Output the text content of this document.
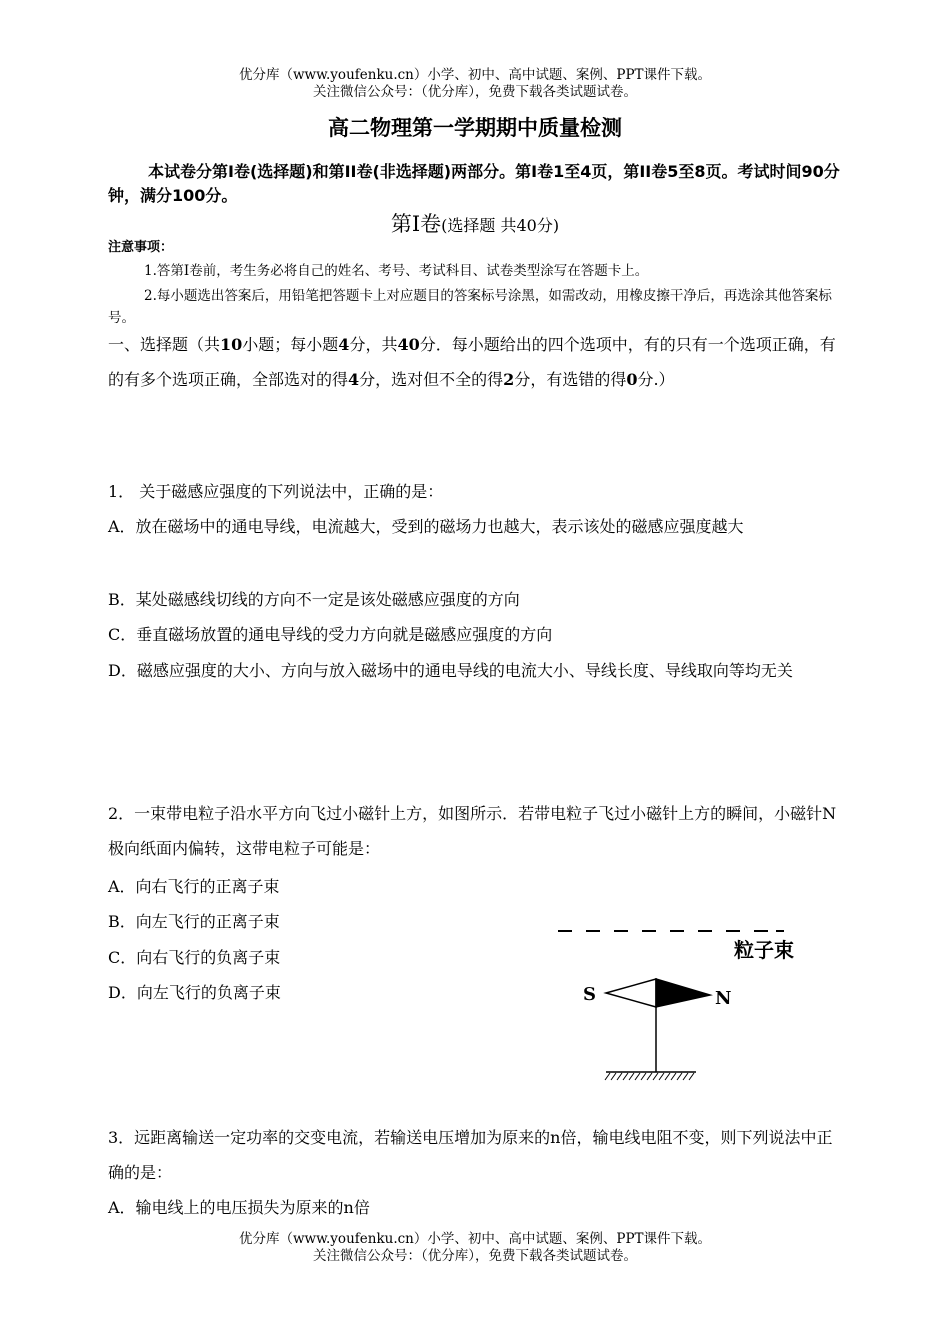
优分库（www.youfenku.cn）小学、初中、高中试题、案例、PPT课件下载。
关注微信公众号：（优分库），免费下载各类试题试卷。
高二物理第一学期期中质量检测
本试卷分第Ⅰ卷(选择题)和第II卷(非选择题)两部分。第Ⅰ卷1至4页，第II卷5至8页。考试时间90分钟，满分100分。
第Ⅰ卷(选择题 共40分)
注意事项：
1.答第Ⅰ卷前，考生务必将自己的姓名、考号、考试科目、试卷类型涂写在答题卡上。
2.每小题选出答案后，用铅笔把答题卡上对应题目的答案标号涂黑，如需改动，用橡皮擦干净后，再选涂其他答案标号。
一、选择题（共10小题；每小题4分，共40分．每小题给出的四个选项中，有的只有一个选项正确，有的有多个选项正确，全部选对的得4分，选对但不全的得2分，有选错的得0分.）
1． 关于磁感应强度的下列说法中，正确的是：
A．放在磁场中的通电导线，电流越大，受到的磁场力也越大，表示该处的磁感应强度越大
B．某处磁感线切线的方向不一定是该处磁感应强度的方向
C．垂直磁场放置的通电导线的受力方向就是磁感应强度的方向
D．磁感应强度的大小、方向与放入磁场中的通电导线的电流大小、导线长度、导线取向等均无关
2．一束带电粒子沿水平方向飞过小磁针上方，如图所示．若带电粒子飞过小磁针上方的瞬间，小磁针N极向纸面内偏转，这带电粒子可能是：
A．向右飞行的正离子束
B．向左飞行的正离子束
C．向右飞行的负离子束
D．向左飞行的负离子束
粒子束
S	N
3．远距离输送一定功率的交变电流，若输送电压增加为原来的n倍，输电线电阻不变，则下列说法中正确的是：
A．输电线上的电压损失为原来的n倍
优分库（www.youfenku.cn）小学、初中、高中试题、案例、PPT课件下载。
关注微信公众号：（优分库），免费下载各类试题试卷。
